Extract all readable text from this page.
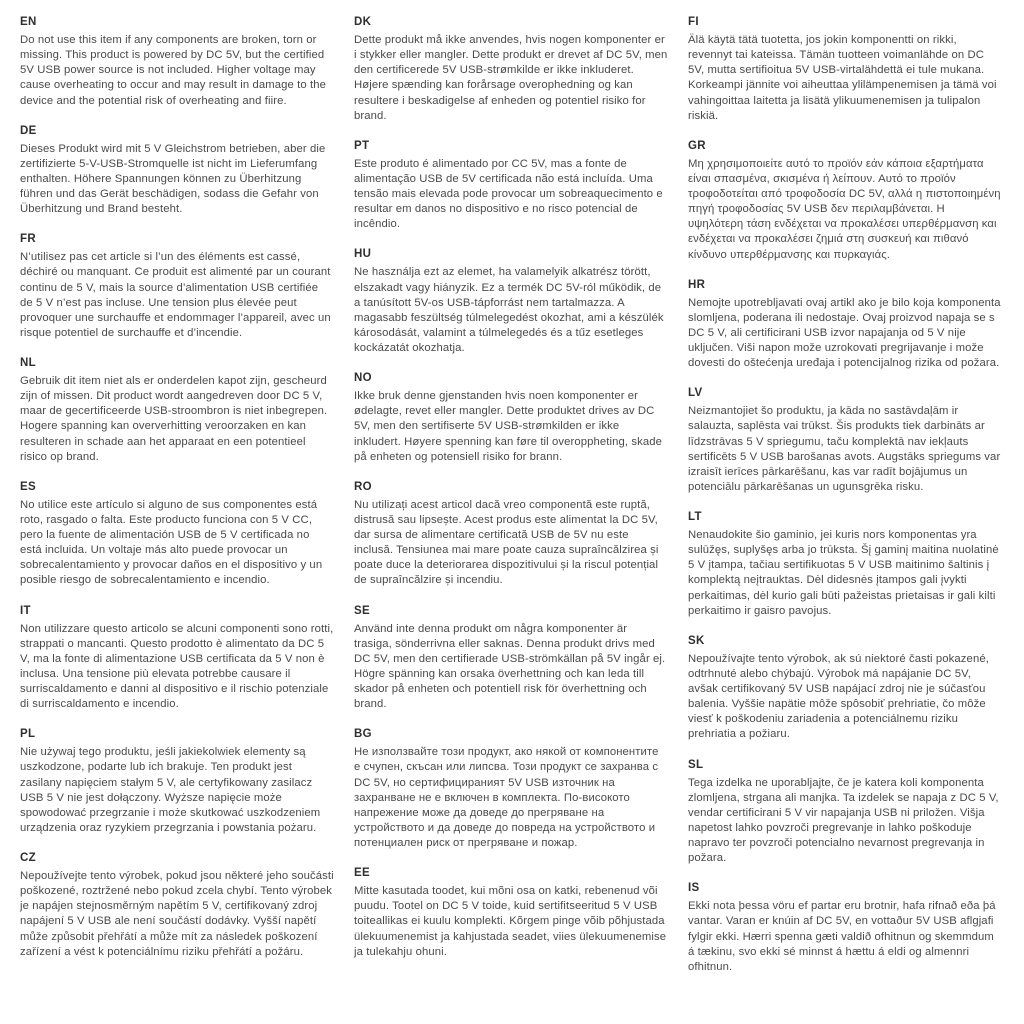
EN

Do not use this item if any components are broken, torn or missing. This product is powered by DC 5V, but the certified 5V USB power source is not included. Higher voltage may cause overheating to occur and may result in damage to the device and the potential risk of overheating and fiire.

DE

Dieses Produkt wird mit 5 V Gleichstrom betrieben, aber die zertifizierte 5-V-USB-Stromquelle ist nicht im Lieferumfang enthalten. Höhere Spannungen können zu Überhitzung führen und das Gerät beschädigen, sodass die Gefahr von Überhitzung und Brand besteht.

FR

N’utilisez pas cet article si l’un des éléments est cassé, déchiré ou manquant. Ce produit est alimenté par un courant continu de 5 V, mais la source d’alimentation USB certifiée de 5 V n’est pas incluse. Une tension plus élevée peut provoquer une surchauffe et endommager l’appareil, avec un risque potentiel de surchauffe et d’incendie.

NL

Gebruik dit item niet als er onderdelen kapot zijn, gescheurd zijn of missen. Dit product wordt aangedreven door DC 5 V, maar de gecertificeerde USB-stroombron is niet inbegrepen. Hogere spanning kan oververhitting veroorzaken en kan resulteren in schade aan het apparaat en een potentieel risico op brand.

ES

No utilice este artículo si alguno de sus componentes está roto, rasgado o falta. Este producto funciona con 5 V CC, pero la fuente de alimentación USB de 5 V certificada no está incluida. Un voltaje más alto puede provocar un sobrecalentamiento y provocar daños en el dispositivo y un posible riesgo de sobrecalentamiento e incendio.

IT

Non utilizzare questo articolo se alcuni componenti sono rotti, strappati o mancanti. Questo prodotto è alimentato da DC 5 V, ma la fonte di alimentazione USB certificata da 5 V non è inclusa. Una tensione più elevata potrebbe causare il surriscaldamento e danni al dispositivo e il rischio potenziale di surriscaldamento e incendio.

PL

Nie używaj tego produktu, jeśli jakiekolwiek elementy są uszkodzone, podarte lub ich brakuje. Ten produkt jest zasilany napięciem stałym 5 V, ale certyfikowany zasilacz USB 5 V nie jest dołączony. Wyższe napięcie może spowodować przegrzanie i może skutkować uszkodzeniem urządzenia oraz ryzykiem przegrzania i powstania pożaru.

CZ

Nepoužívejte tento výrobek, pokud jsou některé jeho součásti poškozené, roztržené nebo pokud zcela chybí. Tento výrobek je napájen stejnosměrným napětím 5 V, certifikovaný zdroj napájení 5 V USB ale není součástí dodávky. Vyšší napětí může způsobit přehřátí a může mít za následek poškození zařízení a vést k potenciálnímu riziku přehřátí a požáru.

DK

Dette produkt må ikke anvendes, hvis nogen komponenter er i stykker eller mangler. Dette produkt er drevet af DC 5V, men den certificerede 5V USB-strømkilde er ikke inkluderet. Højere spænding kan forårsage overophedning og kan resultere i beskadigelse af enheden og potentiel risiko for brand.

PT

Este produto é alimentado por CC 5V, mas a fonte de alimentação USB de 5V certificada não está incluída. Uma tensão mais elevada pode provocar um sobreaquecimento e resultar em danos no dispositivo e no risco potencial de incêndio.

HU

Ne használja ezt az elemet, ha valamelyik alkatrész törött, elszakadt vagy hiányzik. Ez a termék DC 5V-ról működik, de a tanúsított 5V-os USB-tápforrást nem tartalmazza. A magasabb feszültség túlmelegedést okozhat, ami a készülék károsodását, valamint a túlmelegedés és a tűz esetleges kockázatát okozhatja.

NO

Ikke bruk denne gjenstanden hvis noen komponenter er ødelagte, revet eller mangler. Dette produktet drives av DC 5V, men den sertifiserte 5V USB-strømkilden er ikke inkludert. Høyere spenning kan føre til overoppheting, skade på enheten og potensiell risiko for brann.

RO

Nu utilizați acest articol dacă vreo componentă este ruptă, distrusă sau lipsește. Acest produs este alimentat la DC 5V, dar sursa de alimentare certificată USB de 5V nu este inclusă. Tensiunea mai mare poate cauza supraîncălzirea și poate duce la deteriorarea dispozitivului și la riscul potențial de supraîncălzire și incendiu.

SE

Använd inte denna produkt om några komponenter är trasiga, sönderrivna eller saknas. Denna produkt drivs med DC 5V, men den certifierade USB-strömkällan på 5V ingår ej. Högre spänning kan orsaka överhettning och kan leda till skador på enheten och potentiell risk för överhettning och brand.

BG

Не използвайте този продукт, ако някой от компонентите е счупен, скъсан или липсва. Този продукт се захранва с DC 5V, но сертифицираният 5V USB източник на захранване не е включен в комплекта. По-високото напрежение може да доведе до прегряване на устройството и да доведе до повреда на устройството и потенциален риск от прегряване и пожар.

EE

Mitte kasutada toodet, kui mõni osa on katki, rebenenud või puudu. Tootel on DC 5 V toide, kuid sertifitseeritud 5 V USB toiteallikas ei kuulu komplekti. Kõrgem pinge võib põhjustada ülekuumenemist ja kahjustada seadet, viies ülekuumenemise ja tulekahju ohuni.

FI

Älä käytä tätä tuotetta, jos jokin komponentti on rikki, revennyt tai kateissa. Tämän tuotteen voimanlähde on DC 5V, mutta sertifioitua 5V USB-virtalähdettä ei tule mukana. Korkeampi jännite voi aiheuttaa ylilämpenemisen ja tämä voi vahingoittaa laitetta ja lisätä ylikuumenemisen ja tulipalon riskiä.

GR

Μη χρησιμοποιείτε αυτό το προϊόν εάν κάποια εξαρτήματα είναι σπασμένα, σκισμένα ή λείπουν. Αυτό το προϊόν τροφοδοτείται από τροφοδοσία DC 5V, αλλά η πιστοποιημένη πηγή τροφοδοσίας 5V USB δεν περιλαμβάνεται. Η υψηλότερη τάση ενδέχεται να προκαλέσει υπερθέρμανση και ενδέχεται να προκαλέσει ζημιά στη συσκευή και πιθανό κίνδυνο υπερθέρμανσης και πυρκαγιάς.

HR

Nemojte upotrebljavati ovaj artikl ako je bilo koja komponenta slomljena, poderana ili nedostaje. Ovaj proizvod napaja se s DC 5 V, ali certificirani USB izvor napajanja od 5 V nije uključen. Viši napon može uzrokovati pregrijavanje i može dovesti do oštećenja uređaja i potencijalnog rizika od požara.

LV

Neizmantojiet šo produktu, ja kāda no sastāvdaļām ir salauzta, saplēsta vai trūkst. Šis produkts tiek darbināts ar līdzstrāvas 5 V spriegumu, taču komplektā nav iekļauts sertificēts 5 V USB barošanas avots. Augstāks spriegums var izraisīt ierīces pārkarēšanu, kas var radīt bojājumus un potenciālu pārkarēšanas un ugunsgrēka risku.

LT

Nenaudokite šio gaminio, jei kuris nors komponentas yra sulūžęs, suplyšęs arba jo trūksta. Šį gaminį maitina nuolatinė 5 V įtampa, tačiau sertifikuotas 5 V USB maitinimo šaltinis į komplektą neįtrauktas. Dėl didesnės įtampos gali įvykti perkaitimas, dėl kurio gali būti pažeistas prietaisas ir gali kilti perkaitimo ir gaisro pavojus.

SK

Nepoužívajte tento výrobok, ak sú niektoré časti pokazené, odtrhnuté alebo chýbajú. Výrobok má napájanie DC 5V, avšak certifikovaný 5V USB napájací zdroj nie je súčasťou balenia. Vyššie napätie môže spôsobiť prehriatie, čo môže viesť k poškodeniu zariadenia a potenciálnemu riziku prehriatia a požiaru.

SL

Tega izdelka ne uporabljajte, če je katera koli komponenta zlomljena, strgana ali manjka. Ta izdelek se napaja z DC 5 V, vendar certificirani 5 V vir napajanja USB ni priložen. Višja napetost lahko povzroči pregrevanje in lahko poškoduje napravo ter povzroči potencialno nevarnost pregrevanja in požara.

IS

Ekki nota þessa vöru ef partar eru brotnir, hafa rifnað eða þá vantar. Varan er knúin af DC 5V, en vottaður 5V USB aflgjafi fylgir ekki. Hærri spenna gæti valdið ofhitnun og skemmdum á tækinu, svo ekki sé minnst á hættu á eldi og almennri ofhitnun.
